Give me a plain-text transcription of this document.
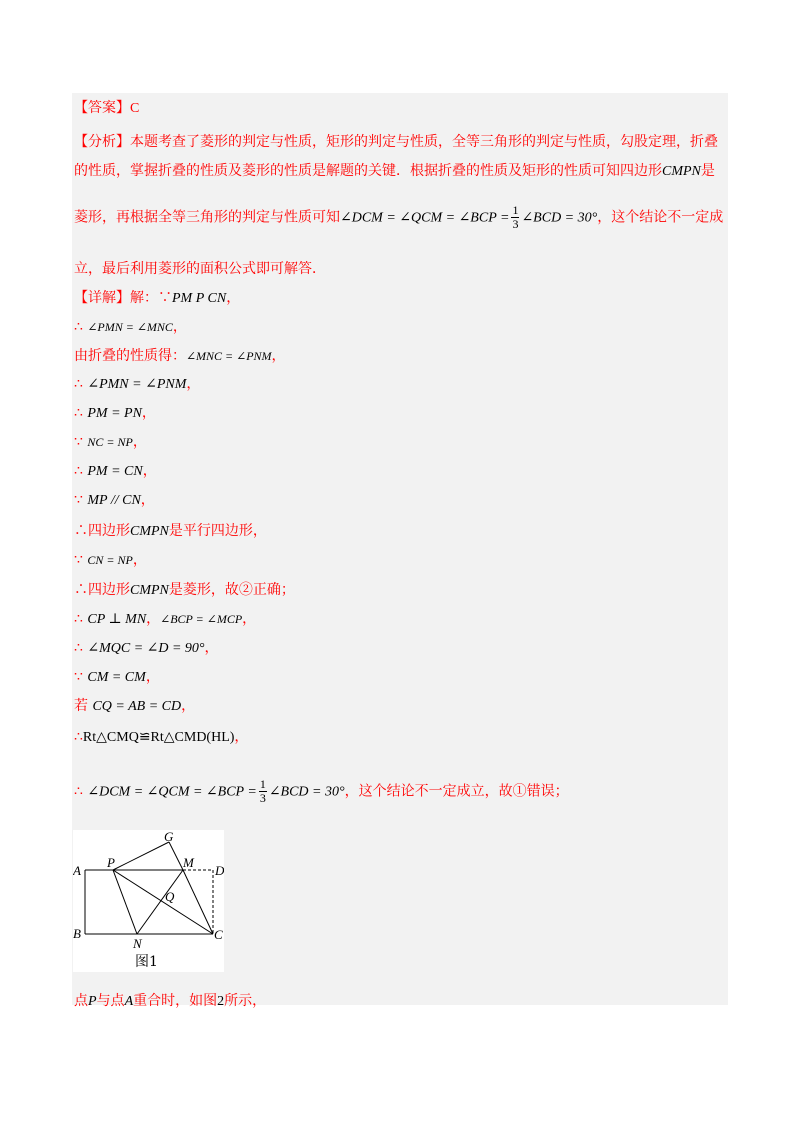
【答案】C
【分析】本题考查了菱形的判定与性质，矩形的判定与性质，全等三角形的判定与性质，勾股定理，折叠
的性质，掌握折叠的性质及菱形的性质是解题的关键．根据折叠的性质及矩形的性质可知四边形CMPN是
菱形，再根据全等三角形的判定与性质可知∠DCM = ∠QCM = ∠BCP = $\frac{1}{3}$ ∠BCD = 30°，这个结论不一定成
立，最后利用菱形的面积公式即可解答．
【详解】解：∵PM P CN，
∴ ∠PMN = ∠MNC，
由折叠的性质得：∠MNC = ∠PNM，
∴ ∠PMN = ∠PNM，
∴ PM = PN，
∵ NC = NP，
∴ PM = CN，
∵ MP // CN，
∴四边形CMPN是平行四边形，
∵ CN = NP，
∴四边形CMPN是菱形，故②正确；
∴ CP ⊥ MN，∠BCP = ∠MCP，
∴ ∠MQC = ∠D = 90°，
∵ CM = CM，
若 CQ = AB = CD，
∴Rt△CMQ≌Rt△CMD(HL)，
∴ ∠DCM = ∠QCM = ∠BCP = $\frac{1}{3}$ ∠BCD = 30°，这个结论不一定成立，故①错误；
A
B	C
D
G
M
N
P
Q
图1
点P与点A重合时，如图2所示，
